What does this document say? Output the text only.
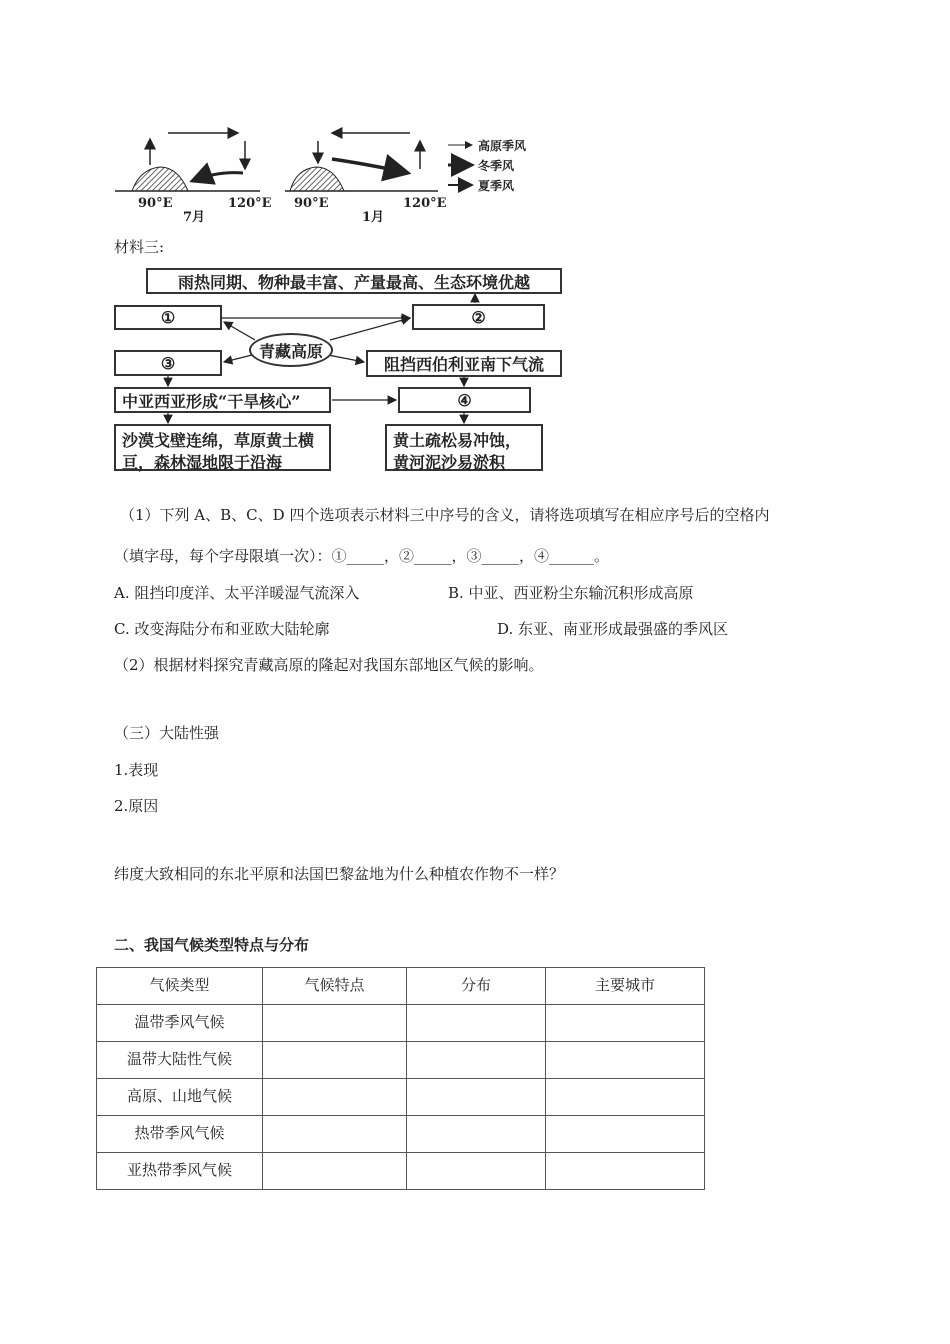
90°E	120°E
7月
90°E	120°E
1月
高原季风
冬季风
夏季风
材料三:
雨热同期、物种最丰富、产量最高、生态环境优越
①	②
青藏高原
③	阻挡西伯利亚南下气流
中亚西亚形成“干旱核心”	④
沙漠戈壁连绵，草原黄土横亘，森林湿地限于沿海
黄土疏松易冲蚀，黄河泥沙易淤积
（1）下列 A、B、C、D 四个选项表示材料三中序号的含义，请将选项填写在相应序号后的空格内
（填字母，每个字母限填一次）：①_____，②_____，③_____，④______。
A. 阻挡印度洋、太平洋暖湿气流深入	B. 中亚、西亚粉尘东输沉积形成高原
C. 改变海陆分布和亚欧大陆轮廓	D. 东亚、南亚形成最强盛的季风区
（2）根据材料探究青藏高原的隆起对我国东部地区气候的影响。
（三）大陆性强
1.表现
2.原因
纬度大致相同的东北平原和法国巴黎盆地为什么种植农作物不一样？
二、我国气候类型特点与分布
气候类型	气候特点	分布	主要城市
温带季风气候			
温带大陆性气候			
高原、山地气候			
热带季风气候			
亚热带季风气候			
